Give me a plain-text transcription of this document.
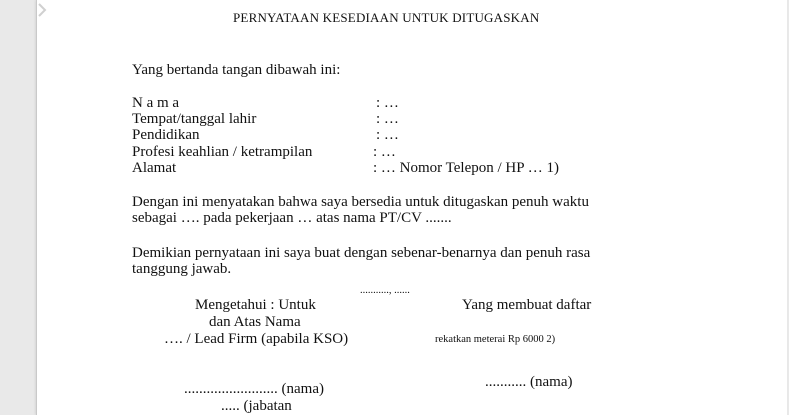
PERNYATAAN KESEDIAAN UNTUK DITUGASKAN
Yang bertanda tangan dibawah ini:
N a m a	: …
Tempat/tanggal lahir	: …
Pendidikan	: …
Profesi keahlian / ketrampilan	: …
Alamat	: … Nomor Telepon / HP … 1)
Dengan ini menyatakan bahwa saya bersedia untuk ditugaskan penuh waktu
sebagai …. pada pekerjaan … atas nama PT/CV .......
Demikian pernyataan ini saya buat dengan sebenar-benarnya dan penuh rasa
tanggung jawab.
..........., ......
Mengetahui : Untuk
dan Atas Nama
…. / Lead Firm (apabila KSO)
Yang membuat daftar
rekatkan meterai Rp 6000 2)
........... (nama)
......................... (nama)
..... (jabatan
